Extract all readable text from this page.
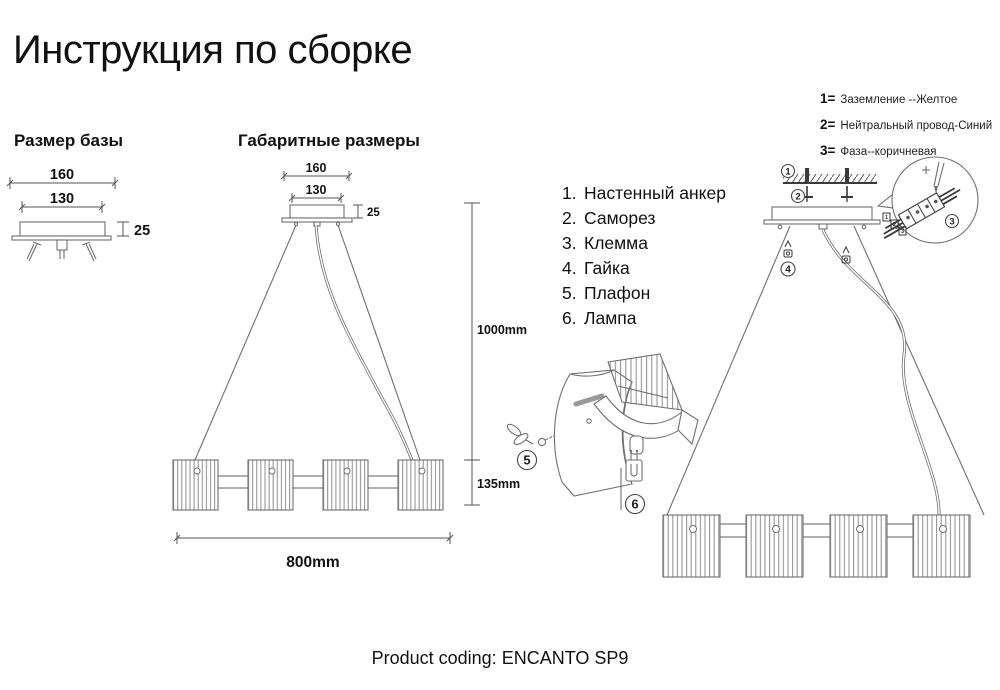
Инструкция по сборке
Размер базы	Габаритные размеры
160
130
25
160
130
25
1000mm
135mm
800mm
1. Настенный анкер
2. Саморез
3. Клемма
4. Гайка
5. Плафон
6. Лампа
1= Заземление --Желтое
2= Нейтральный провод-Синий
3= Фаза--коричневая
5
6
1
2
1
2
3
3
4
Product coding: ENCANTO SP9
